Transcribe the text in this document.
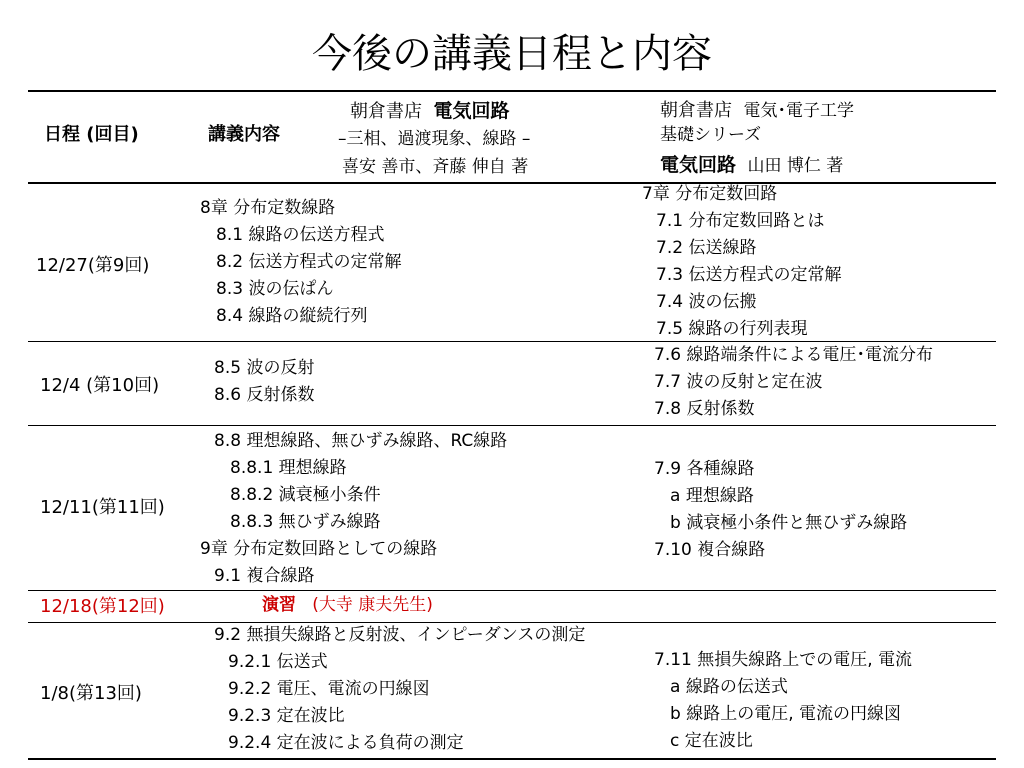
今後の講義日程と内容
日程 (回目)	講義内容
朝倉書店 電気回路
–三相、過渡現象、線路 –
喜安 善市、斉藤 伸自 著
朝倉書店 電気･電子工学
基礎シリーズ
電気回路 山田 博仁 著
12/27(第9回)
8章 分布定数線路
8.1 線路の伝送方程式
8.2 伝送方程式の定常解
8.3 波の伝ぱん
8.4 線路の縦続行列
7章 分布定数回路
7.1 分布定数回路とは
7.2 伝送線路
7.3 伝送方程式の定常解
7.4 波の伝搬
7.5 線路の行列表現
12/4 (第10回)
8.5 波の反射
8.6 反射係数
7.6 線路端条件による電圧･電流分布
7.7 波の反射と定在波
7.8 反射係数
12/11(第11回)
8.8 理想線路、無ひずみ線路、RC線路
8.8.1 理想線路
8.8.2 減衰極小条件
8.8.3 無ひずみ線路
9章 分布定数回路としての線路
9.1 複合線路
7.9 各種線路
a 理想線路
b 減衰極小条件と無ひずみ線路
7.10 複合線路
12/18(第12回)	演習 (大寺 康夫先生)
1/8(第13回)
9.2 無損失線路と反射波、インピーダンスの測定
9.2.1 伝送式
9.2.2 電圧、電流の円線図
9.2.3 定在波比
9.2.4 定在波による負荷の測定
7.11 無損失線路上での電圧, 電流
a 線路の伝送式
b 線路上の電圧, 電流の円線図
c 定在波比
